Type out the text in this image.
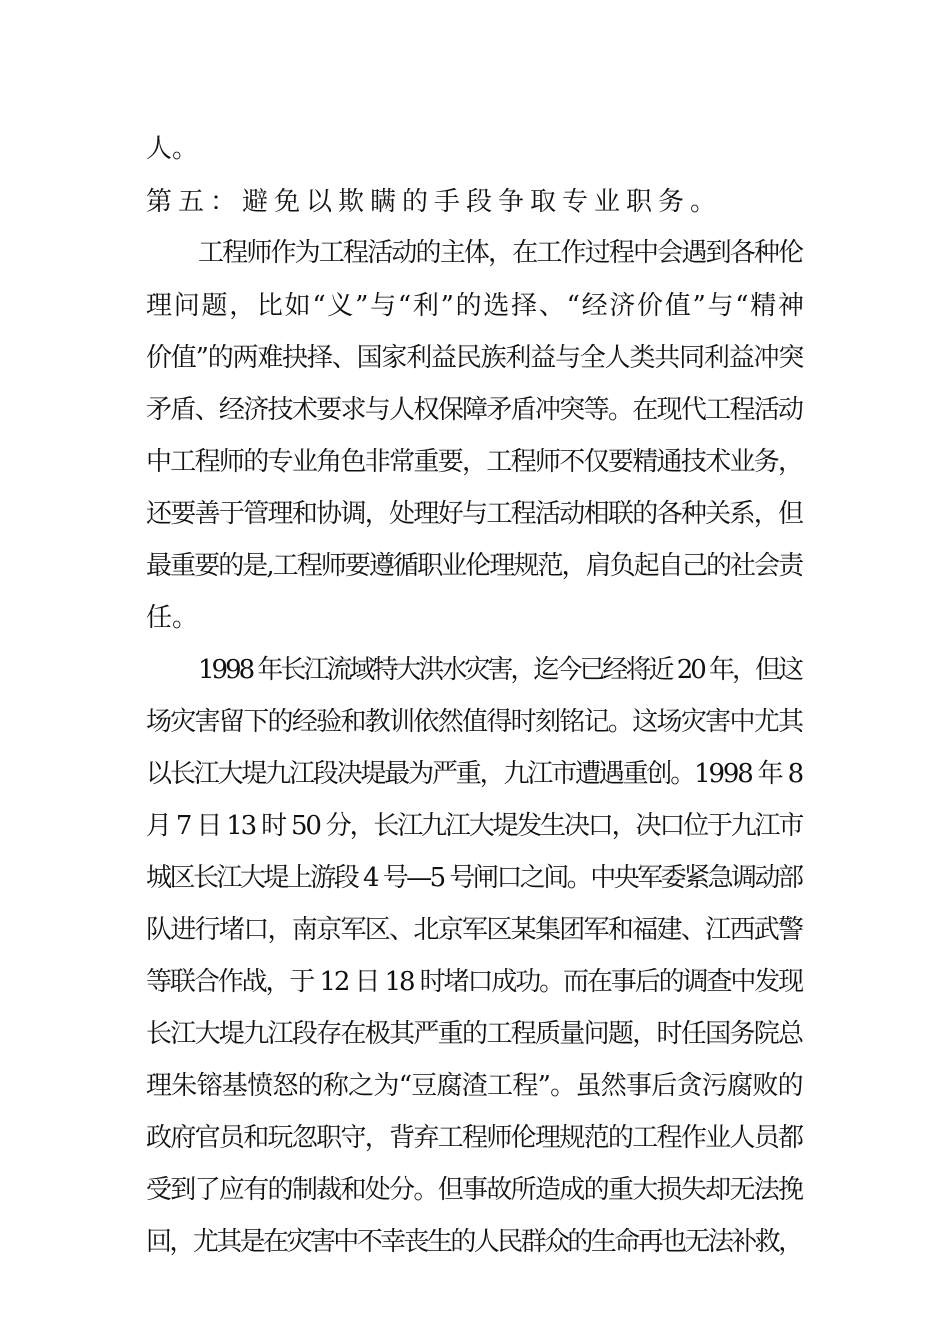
人。
第五：避免以欺瞒的手段争取专业职务。
工程师作为工程活动的主体，在工作过程中会遇到各种伦
理问题，比如“义”与“利”的选择、“经济价值”与“精神
价值”的两难抉择、国家利益民族利益与全人类共同利益冲突
矛盾、经济技术要求与人权保障矛盾冲突等。在现代工程活动
中工程师的专业角色非常重要，工程师不仅要精通技术业务，
还要善于管理和协调，处理好与工程活动相联的各种关系，但
最重要的是,工程师要遵循职业伦理规范，肩负起自己的社会责
任。
1998 年长江流域特大洪水灾害，迄今已经将近 20 年，但这
场灾害留下的经验和教训依然值得时刻铭记。这场灾害中尤其
以长江大堤九江段决堤最为严重，九江市遭遇重创。1998 年 8
月 7 日 13 时 50 分，长江九江大堤发生决口，决口位于九江市
城区长江大堤上游段 4 号—5 号闸口之间。中央军委紧急调动部
队进行堵口，南京军区、北京军区某集团军和福建、江西武警
等联合作战，于 12 日 18 时堵口成功。而在事后的调查中发现
长江大堤九江段存在极其严重的工程质量问题，时任国务院总
理朱镕基愤怒的称之为“豆腐渣工程”。虽然事后贪污腐败的
政府官员和玩忽职守，背弃工程师伦理规范的工程作业人员都
受到了应有的制裁和处分。但事故所造成的重大损失却无法挽
回，尤其是在灾害中不幸丧生的人民群众的生命再也无法补救，
